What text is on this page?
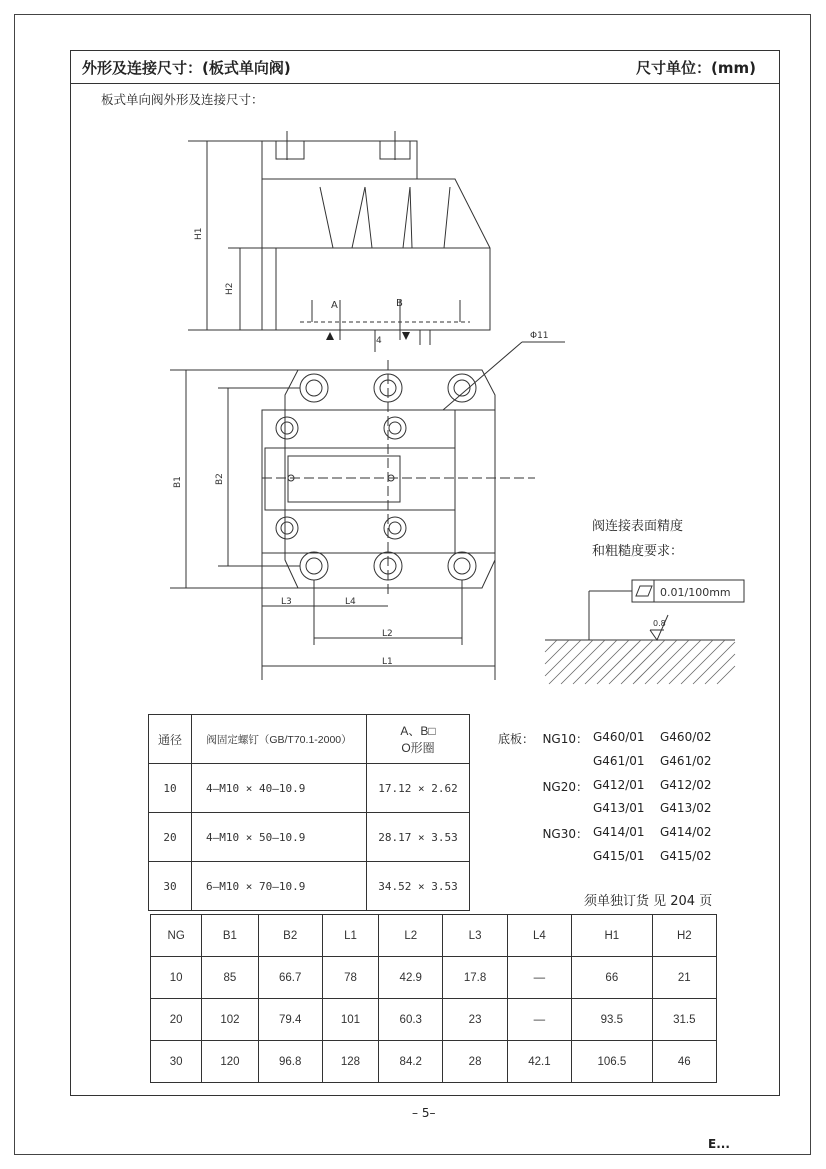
外形及连接尺寸：(板式单向阀)	尺寸单位：(mm)
板式单向阀外形及连接尺寸：
H1
H2
A	B
4	Φ11
B1	B2
L3	L4
L2
L1
0.01/100mm
0.8
阀连接表面精度
和粗糙度要求：
通径	阀固定螺钉（GB/T70.1-2000）	A、B□
O形圈

10	4—M10 × 40—10.9	17.12 × 2.62
20	4—M10 × 50—10.9	28.17 × 3.53
30	6—M10 × 70—10.9	34.52 × 3.53
底板： NG10： G460/01 G460/02
G461/01 G461/02
NG20： G412/01 G412/02
G413/01 G413/02
NG30： G414/01 G414/02
G415/01 G415/02
须单独订货 见 204 页
NG	B1	B2	L1	L2	L3	L4	H1	H2
10	85	66.7	78	42.9	17.8	—	66	21
20	102	79.4	101	60.3	23	—	93.5	31.5
30	120	96.8	128	84.2	28	42.1	106.5	46
– 5–
E...
